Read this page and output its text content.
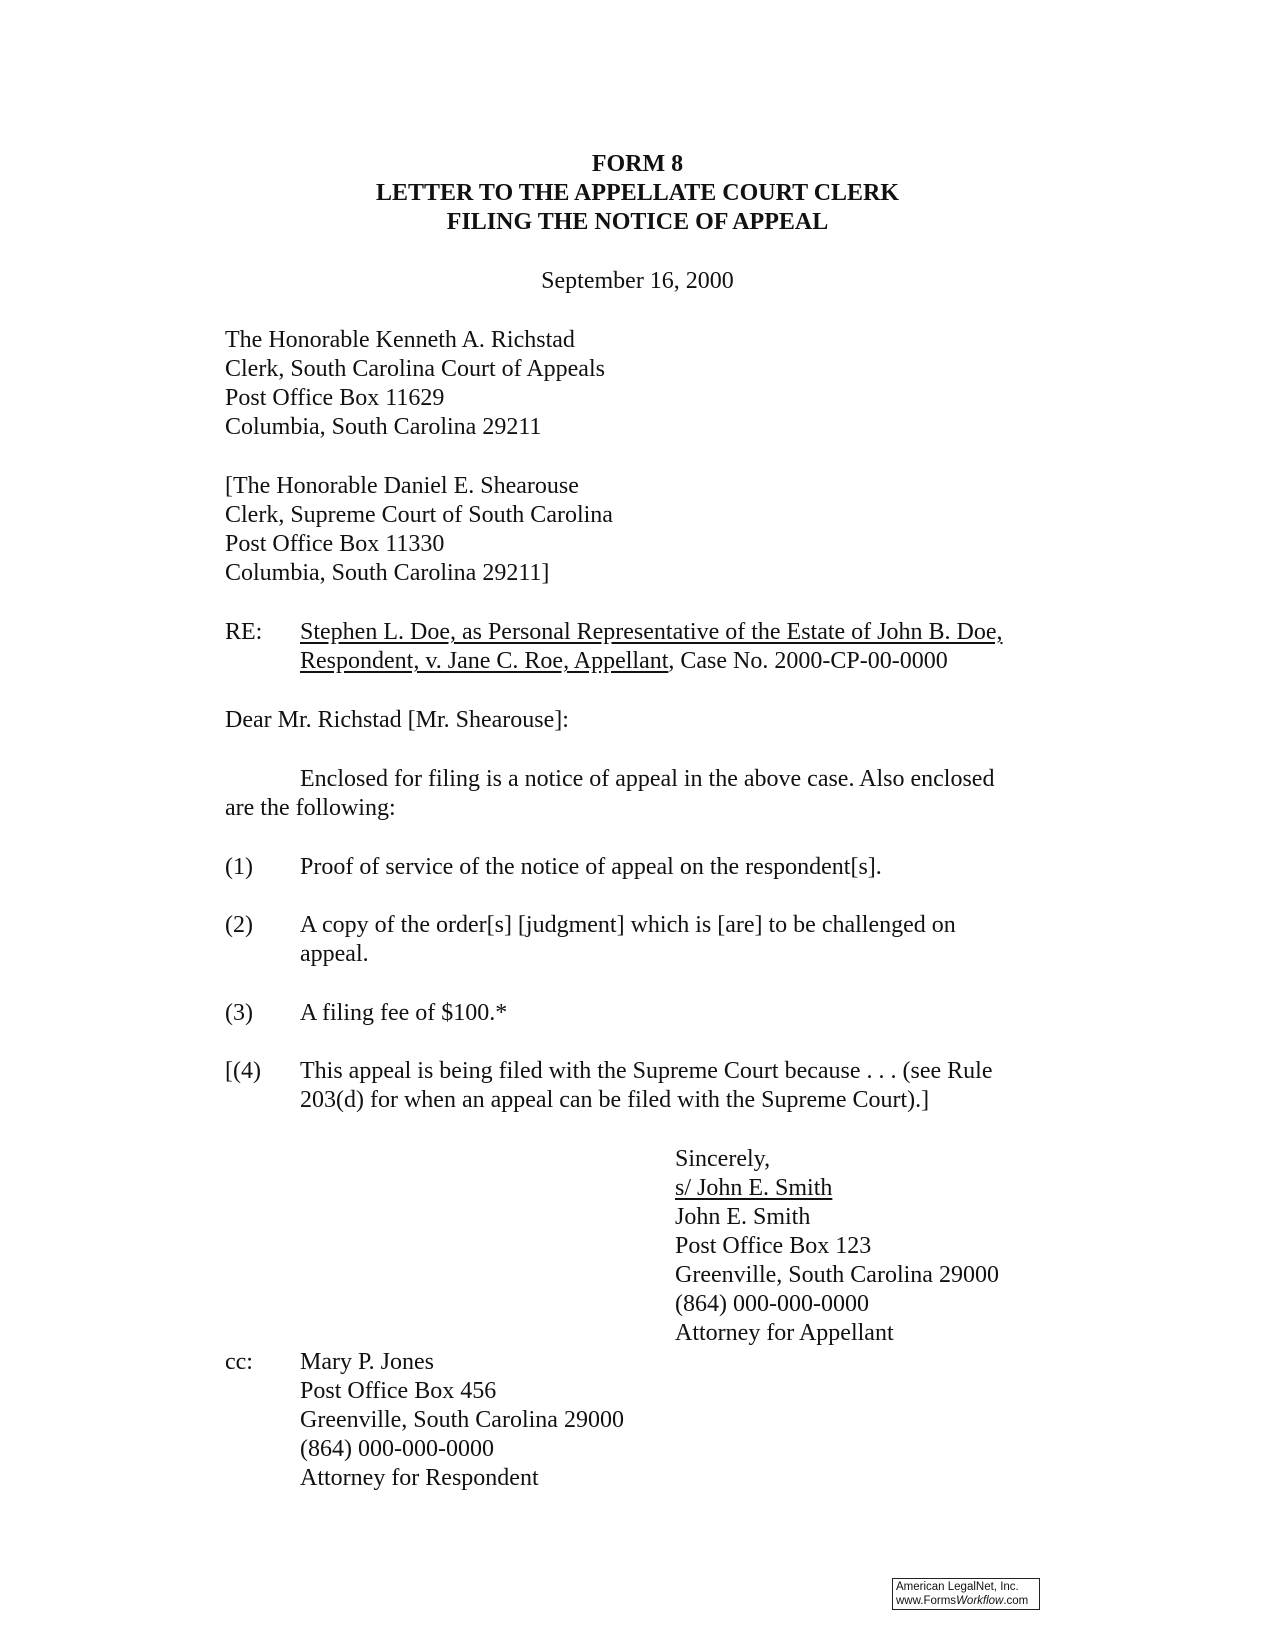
FORM 8
LETTER TO THE APPELLATE COURT CLERK
FILING THE NOTICE OF APPEAL
September 16, 2000
The Honorable Kenneth A. Richstad
Clerk, South Carolina Court of Appeals
Post Office Box 11629
Columbia, South Carolina 29211
[The Honorable Daniel E. Shearouse
Clerk, Supreme Court of South Carolina
Post Office Box 11330
Columbia, South Carolina 29211]
RE: Stephen L. Doe, as Personal Representative of the Estate of John B. Doe,
Respondent, v. Jane C. Roe, Appellant, Case No. 2000-CP-00-0000
Dear Mr. Richstad [Mr. Shearouse]:
Enclosed for filing is a notice of appeal in the above case. Also enclosed
are the following:
(1) Proof of service of the notice of appeal on the respondent[s].
(2) A copy of the order[s] [judgment] which is [are] to be challenged on
appeal.
(3) A filing fee of $100.*
[(4) This appeal is being filed with the Supreme Court because . . . (see Rule
203(d) for when an appeal can be filed with the Supreme Court).]
Sincerely,
s/ John E. Smith
John E. Smith
Post Office Box 123
Greenville, South Carolina 29000
(864) 000-000-0000
Attorney for Appellant
cc: Mary P. Jones
Post Office Box 456
Greenville, South Carolina 29000
(864) 000-000-0000
Attorney for Respondent
American LegalNet, Inc.
www.FormsWorkflow.com
